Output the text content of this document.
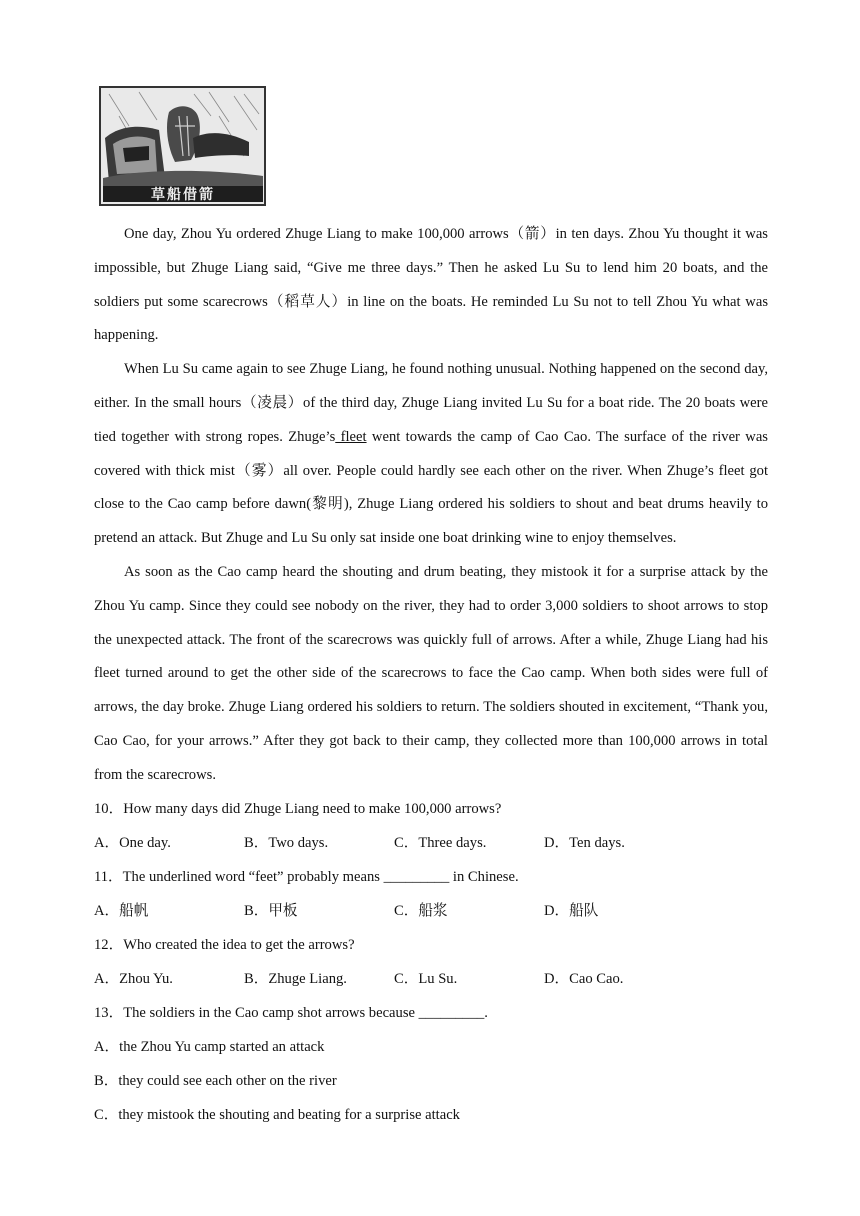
草船借箭

One day, Zhou Yu ordered Zhuge Liang to make 100,000 arrows（箭）in ten days. Zhou Yu thought it was impossible, but Zhuge Liang said, “Give me three days.” Then he asked Lu Su to lend him 20 boats, and the soldiers put some scarecrows（稻草人）in line on the boats. He reminded Lu Su not to tell Zhou Yu what was happening.

When Lu Su came again to see Zhuge Liang, he found nothing unusual. Nothing happened on the second day, either. In the small hours（凌晨）of the third day, Zhuge Liang invited Lu Su for a boat ride. The 20 boats were tied together with strong ropes. Zhuge’s fleet went towards the camp of Cao Cao. The surface of the river was covered with thick mist（雾）all over. People could hardly see each other on the river. When Zhuge’s fleet got close to the Cao camp before dawn(黎明), Zhuge Liang ordered his soldiers to shout and beat drums heavily to pretend an attack. But Zhuge and Lu Su only sat inside one boat drinking wine to enjoy themselves.

As soon as the Cao camp heard the shouting and drum beating, they mistook it for a surprise attack by the Zhou Yu camp. Since they could see nobody on the river, they had to order 3,000 soldiers to shoot arrows to stop the unexpected attack. The front of the scarecrows was quickly full of arrows. After a while, Zhuge Liang had his fleet turned around to get the other side of the scarecrows to face the Cao camp. When both sides were full of arrows, the day broke. Zhuge Liang ordered his soldiers to return. The soldiers shouted in excitement, “Thank you, Cao Cao, for your arrows.” After they got back to their camp, they collected more than 100,000 arrows in total from the scarecrows.

10．How many days did Zhuge Liang need to make 100,000 arrows?
A．One day.	B．Two days.	C．Three days.	D．Ten days.
11．The underlined word “feet” probably means _________ in Chinese.
A．船帆	B．甲板	C．船浆	D．船队
12．Who created the idea to get the arrows?
A．Zhou Yu.	B．Zhuge Liang.	C．Lu Su.	D．Cao Cao.
13．The soldiers in the Cao camp shot arrows because _________.
A．the Zhou Yu camp started an attack
B．they could see each other on the river
C．they mistook the shouting and beating for a surprise attack
